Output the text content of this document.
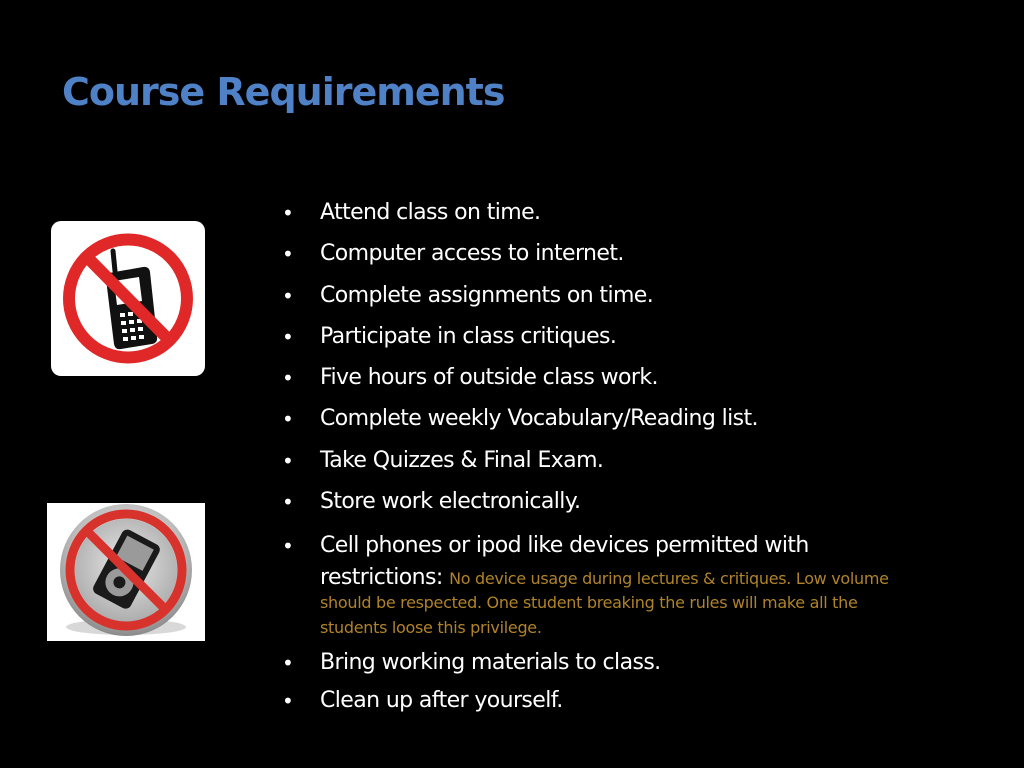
Course Requirements
• Attend class on time.
• Computer access to internet.
• Complete assignments on time.
• Participate in class critiques.
• Five hours of outside class work.
• Complete weekly Vocabulary/Reading list.
• Take Quizzes & Final Exam.
• Store work electronically.
• Cell phones or ipod like devices permitted with
restrictions: No device usage during lectures & critiques. Low volume
should be respected. One student breaking the rules will make all the
students loose this privilege.
• Bring working materials to class.
• Clean up after yourself.
